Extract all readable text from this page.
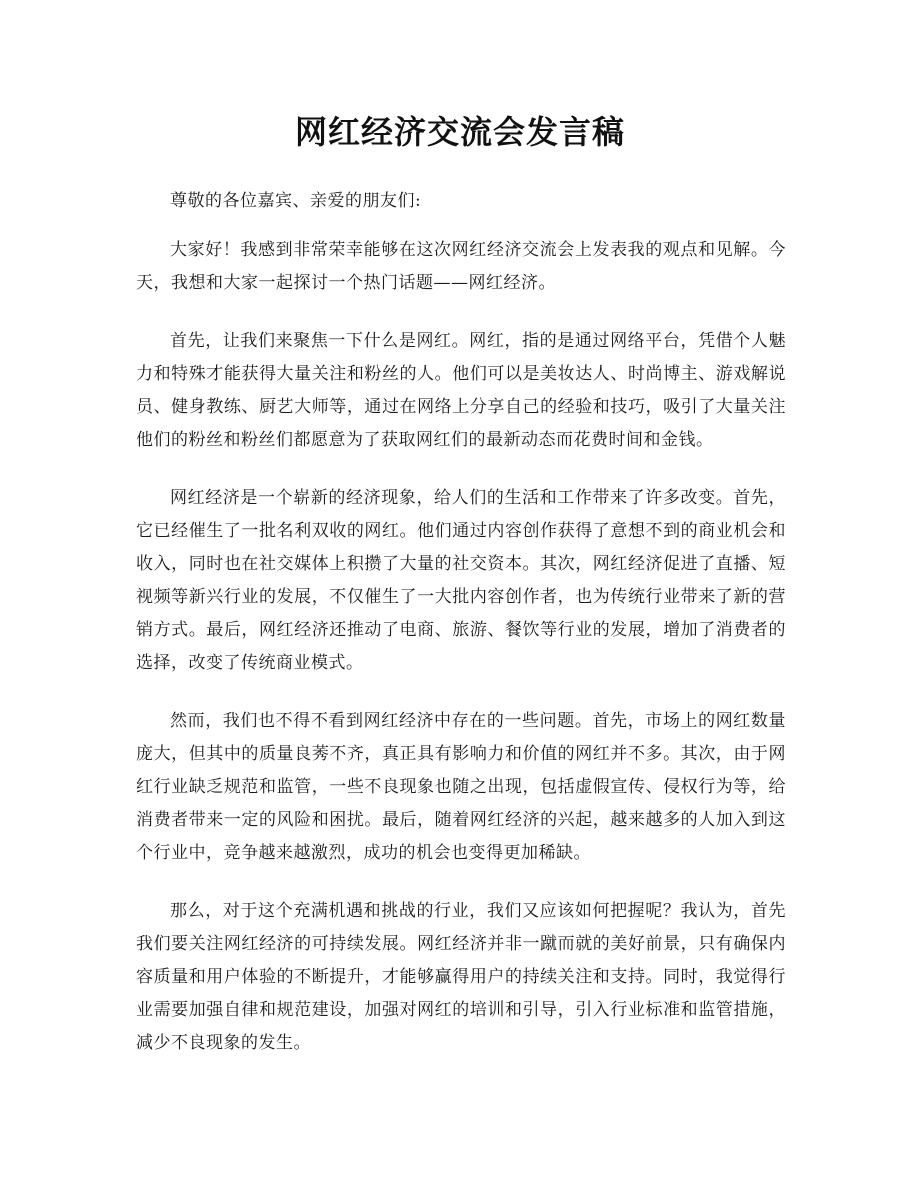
网红经济交流会发言稿

尊敬的各位嘉宾、亲爱的朋友们:

大家好！我感到非常荣幸能够在这次网红经济交流会上发表我的观点和见解。今天，我想和大家一起探讨一个热门话题——网红经济。

首先，让我们来聚焦一下什么是网红。网红，指的是通过网络平台，凭借个人魅力和特殊才能获得大量关注和粉丝的人。他们可以是美妆达人、时尚博主、游戏解说员、健身教练、厨艺大师等，通过在网络上分享自己的经验和技巧，吸引了大量关注他们的粉丝和粉丝们都愿意为了获取网红们的最新动态而花费时间和金钱。

网红经济是一个崭新的经济现象，给人们的生活和工作带来了许多改变。首先，它已经催生了一批名利双收的网红。他们通过内容创作获得了意想不到的商业机会和收入，同时也在社交媒体上积攒了大量的社交资本。其次，网红经济促进了直播、短视频等新兴行业的发展，不仅催生了一大批内容创作者，也为传统行业带来了新的营销方式。最后，网红经济还推动了电商、旅游、餐饮等行业的发展，增加了消费者的选择，改变了传统商业模式。

然而，我们也不得不看到网红经济中存在的一些问题。首先，市场上的网红数量庞大，但其中的质量良莠不齐，真正具有影响力和价值的网红并不多。其次，由于网红行业缺乏规范和监管，一些不良现象也随之出现，包括虚假宣传、侵权行为等，给消费者带来一定的风险和困扰。最后，随着网红经济的兴起，越来越多的人加入到这个行业中，竞争越来越激烈，成功的机会也变得更加稀缺。

那么，对于这个充满机遇和挑战的行业，我们又应该如何把握呢？我认为，首先我们要关注网红经济的可持续发展。网红经济并非一蹴而就的美好前景，只有确保内容质量和用户体验的不断提升，才能够赢得用户的持续关注和支持。同时，我觉得行业需要加强自律和规范建设，加强对网红的培训和引导，引入行业标准和监管措施，减少不良现象的发生。
